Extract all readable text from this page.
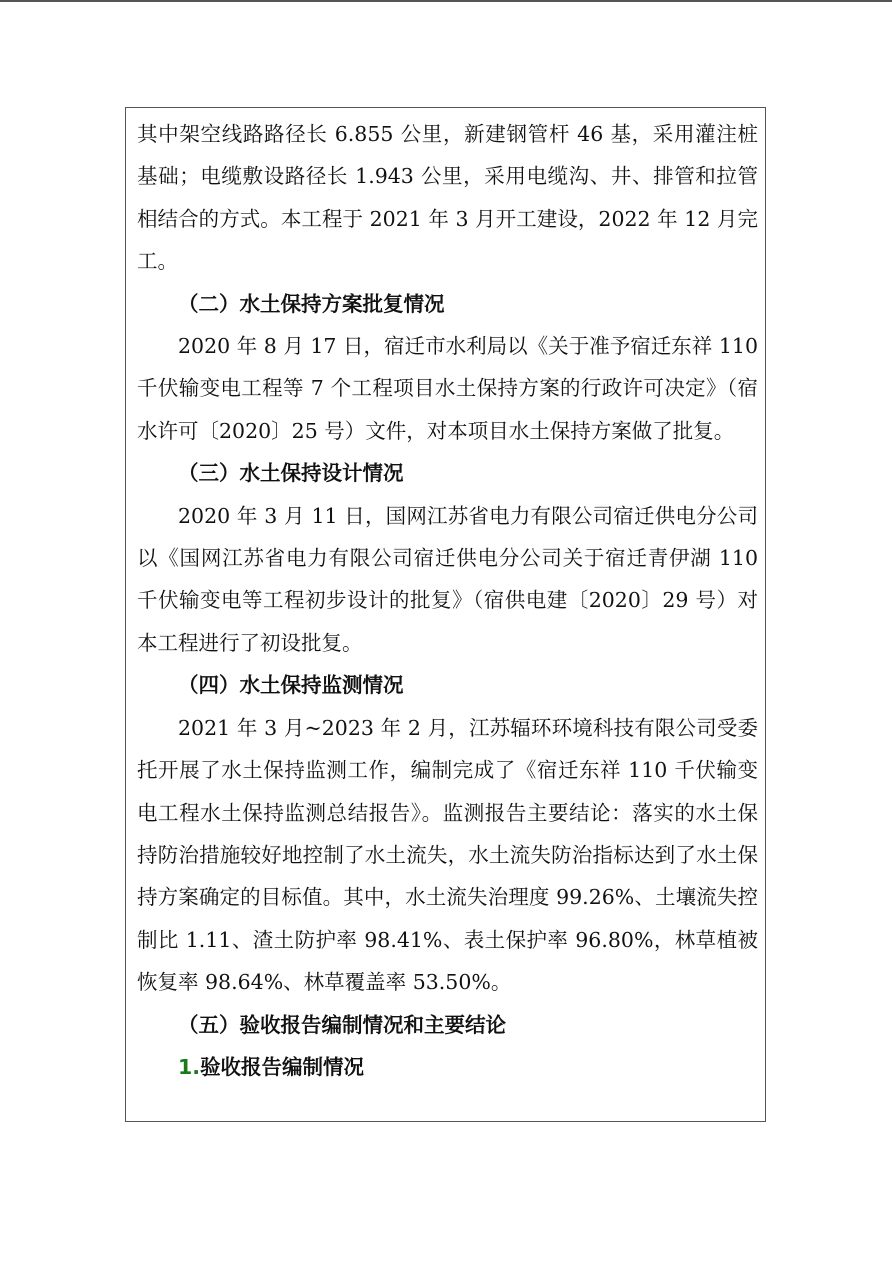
其中架空线路路径长 6.855 公里，新建钢管杆 46 基，采用灌注桩基础；电缆敷设路径长 1.943 公里，采用电缆沟、井、排管和拉管相结合的方式。本工程于 2021 年 3 月开工建设，2022 年 12 月完工。

（二）水土保持方案批复情况

2020 年 8 月 17 日，宿迁市水利局以《关于准予宿迁东祥 110 千伏输变电工程等 7 个工程项目水土保持方案的行政许可决定》（宿水许可〔2020〕25 号）文件，对本项目水土保持方案做了批复。

（三）水土保持设计情况

2020 年 3 月 11 日，国网江苏省电力有限公司宿迁供电分公司以《国网江苏省电力有限公司宿迁供电分公司关于宿迁青伊湖 110 千伏输变电等工程初步设计的批复》（宿供电建〔2020〕29 号）对本工程进行了初设批复。

（四）水土保持监测情况

2021 年 3 月~2023 年 2 月，江苏辐环环境科技有限公司受委托开展了水土保持监测工作，编制完成了《宿迁东祥 110 千伏输变电工程水土保持监测总结报告》。监测报告主要结论：落实的水土保持防治措施较好地控制了水土流失，水土流失防治指标达到了水土保持方案确定的目标值。其中，水土流失治理度 99.26%、土壤流失控制比 1.11、渣土防护率 98.41%、表土保护率 96.80%，林草植被恢复率 98.64%、林草覆盖率 53.50%。

（五）验收报告编制情况和主要结论
1.验收报告编制情况
